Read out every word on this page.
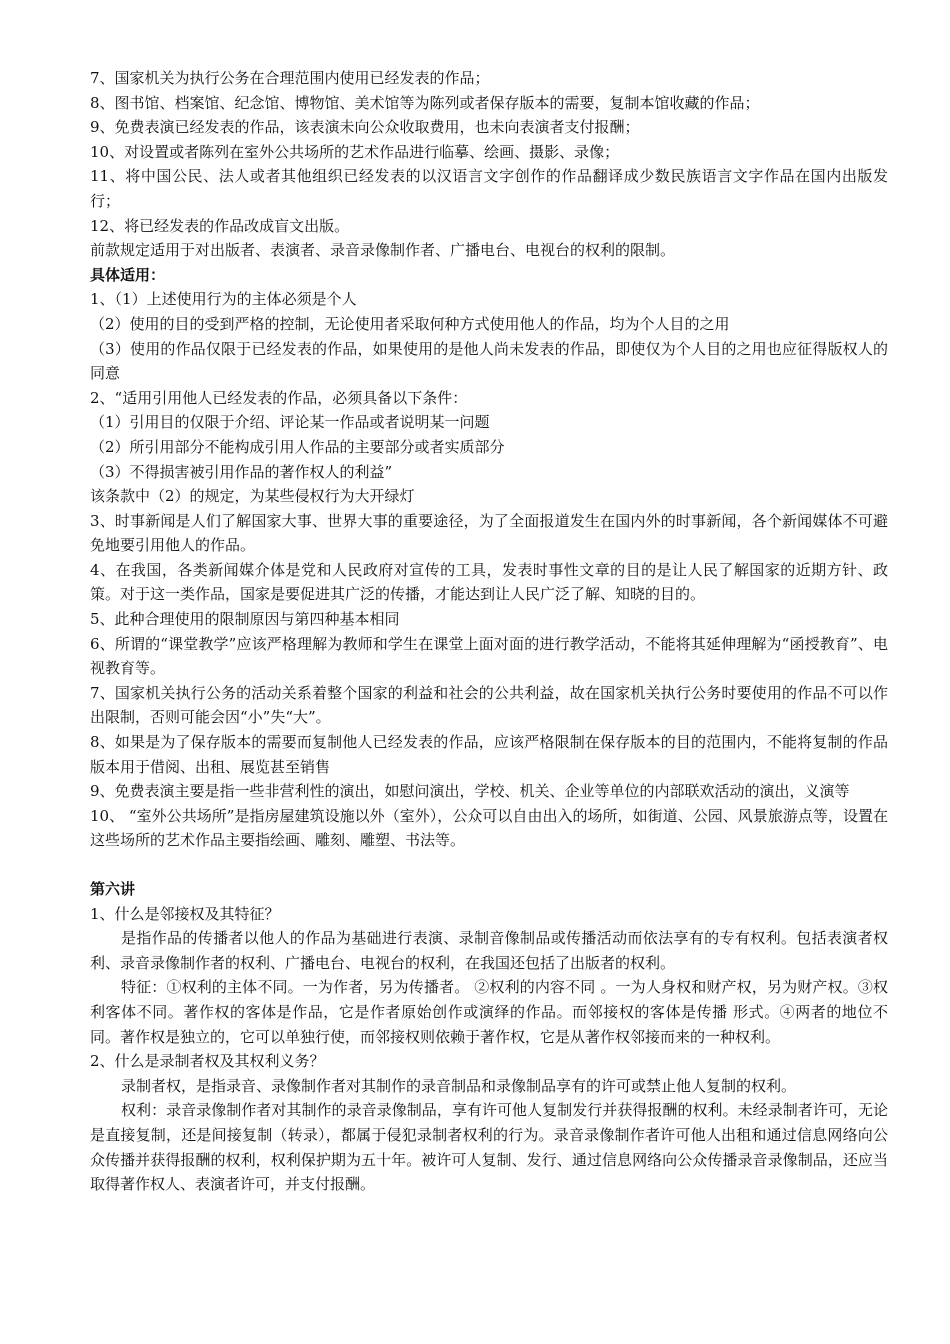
7、国家机关为执行公务在合理范围内使用已经发表的作品；

8、图书馆、档案馆、纪念馆、博物馆、美术馆等为陈列或者保存版本的需要，复制本馆收藏的作品；

9、免费表演已经发表的作品，该表演未向公众收取费用，也未向表演者支付报酬；

10、对设置或者陈列在室外公共场所的艺术作品进行临摹、绘画、摄影、录像；

11、将中国公民、法人或者其他组织已经发表的以汉语言文字创作的作品翻译成少数民族语言文字作品在国内出版发行；

12、将已经发表的作品改成盲文出版。

前款规定适用于对出版者、表演者、录音录像制作者、广播电台、电视台的权利的限制。

具体适用：

1、（1）上述使用行为的主体必须是个人

（2）使用的目的受到严格的控制，无论使用者采取何种方式使用他人的作品，均为个人目的之用

（3）使用的作品仅限于已经发表的作品，如果使用的是他人尚未发表的作品，即使仅为个人目的之用也应征得版权人的同意

2、“适用引用他人已经发表的作品，必须具备以下条件：

（1）引用目的仅限于介绍、评论某一作品或者说明某一问题

（2）所引用部分不能构成引用人作品的主要部分或者实质部分

（3）不得损害被引用作品的著作权人的利益”

该条款中（2）的规定，为某些侵权行为大开绿灯

3、时事新闻是人们了解国家大事、世界大事的重要途径，为了全面报道发生在国内外的时事新闻，各个新闻媒体不可避免地要引用他人的作品。

4、在我国，各类新闻媒介体是党和人民政府对宣传的工具，发表时事性文章的目的是让人民了解国家的近期方针、政策。对于这一类作品，国家是要促进其广泛的传播，才能达到让人民广泛了解、知晓的目的。

5、此种合理使用的限制原因与第四种基本相同

6、所谓的“课堂教学”应该严格理解为教师和学生在课堂上面对面的进行教学活动，不能将其延伸理解为“函授教育”、电视教育等。

7、国家机关执行公务的活动关系着整个国家的利益和社会的公共利益，故在国家机关执行公务时要使用的作品不可以作出限制，否则可能会因“小”失“大”。

8、如果是为了保存版本的需要而复制他人已经发表的作品，应该严格限制在保存版本的目的范围内，不能将复制的作品版本用于借阅、出租、展览甚至销售

9、免费表演主要是指一些非营利性的演出，如慰问演出，学校、机关、企业等单位的内部联欢活动的演出，义演等

10、 “室外公共场所”是指房屋建筑设施以外（室外），公众可以自由出入的场所，如街道、公园、风景旅游点等，设置在这些场所的艺术作品主要指绘画、雕刻、雕塑、书法等。

第六讲

1、什么是邻接权及其特征？

是指作品的传播者以他人的作品为基础进行表演、录制音像制品或传播活动而依法享有的专有权利。包括表演者权利、录音录像制作者的权利、广播电台、电视台的权利，在我国还包括了出版者的权利。

特征：①权利的主体不同。一为作者，另为传播者。 ②权利的内容不同 。一为人身权和财产权，另为财产权。③权利客体不同。著作权的客体是作品，它是作者原始创作或演绎的作品。而邻接权的客体是传播 形式。④两者的地位不同。著作权是独立的，它可以单独行使，而邻接权则依赖于著作权，它是从著作权邻接而来的一种权利。

2、什么是录制者权及其权利义务？

录制者权，是指录音、录像制作者对其制作的录音制品和录像制品享有的许可或禁止他人复制的权利。

权利：录音录像制作者对其制作的录音录像制品，享有许可他人复制发行并获得报酬的权利。未经录制者许可，无论是直接复制，还是间接复制（转录），都属于侵犯录制者权利的行为。录音录像制作者许可他人出租和通过信息网络向公众传播并获得报酬的权利，权利保护期为五十年。被许可人复制、发行、通过信息网络向公众传播录音录像制品，还应当取得著作权人、表演者许可，并支付报酬。
